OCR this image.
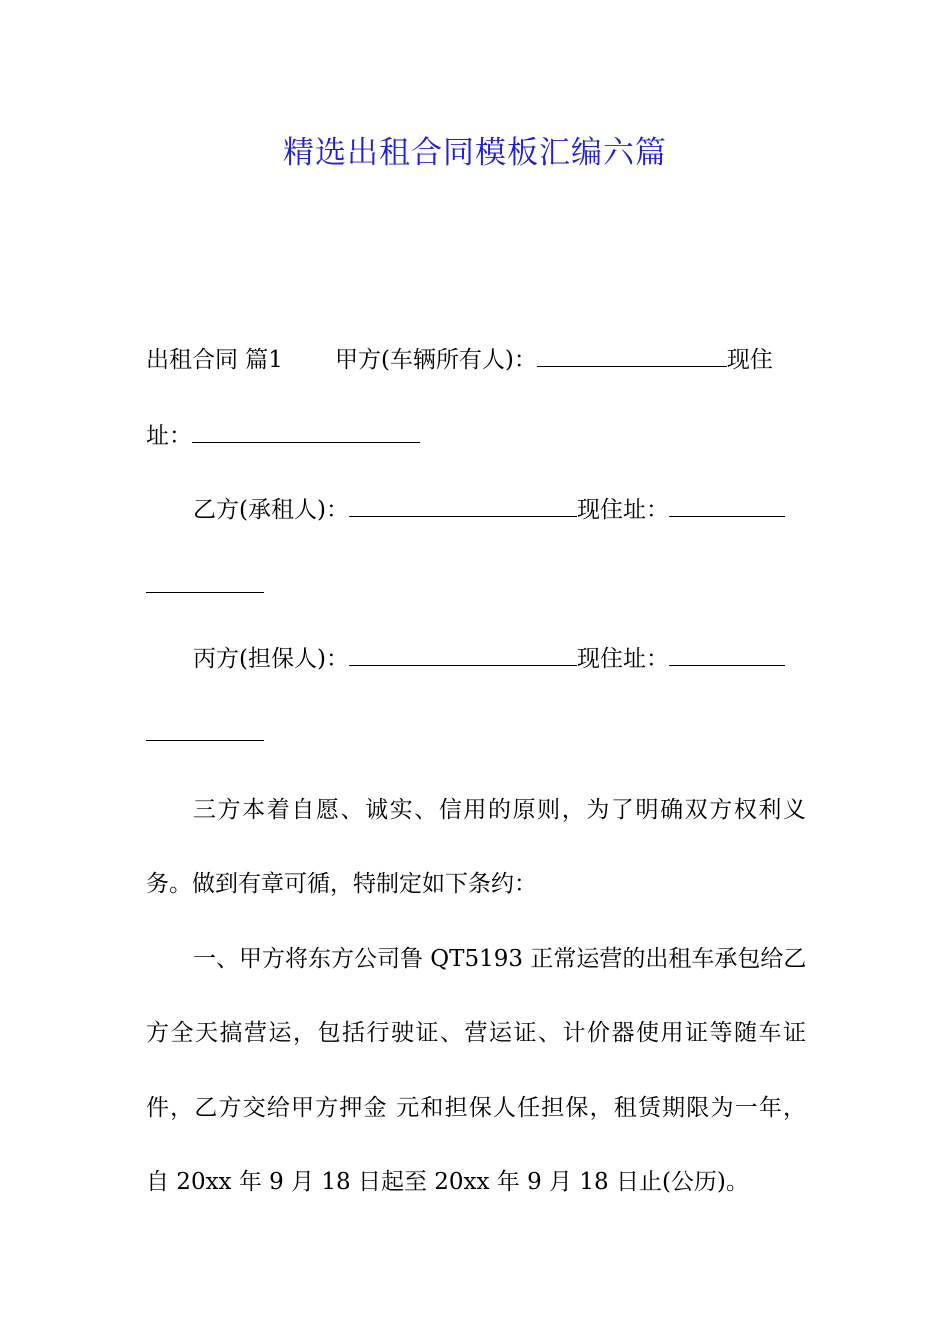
精选出租合同模板汇编六篇
出租合同 篇1 甲方(车辆所有人)：	现住
址：
乙方(承租人)：	现住址：
丙方(担保人)：	现住址：
三方本着自愿、诚实、信用的原则，为了明确双方权利义
务。做到有章可循，特制定如下条约：
一、甲方将东方公司鲁 QT5193 正常运营的出租车承包给乙
方全天搞营运，包括行驶证、营运证、计价器使用证等随车证
件，乙方交给甲方押金 元和担保人任担保，租赁期限为一年，
自 20xx 年 9 月 18 日起至 20xx 年 9 月 18 日止(公历)。
